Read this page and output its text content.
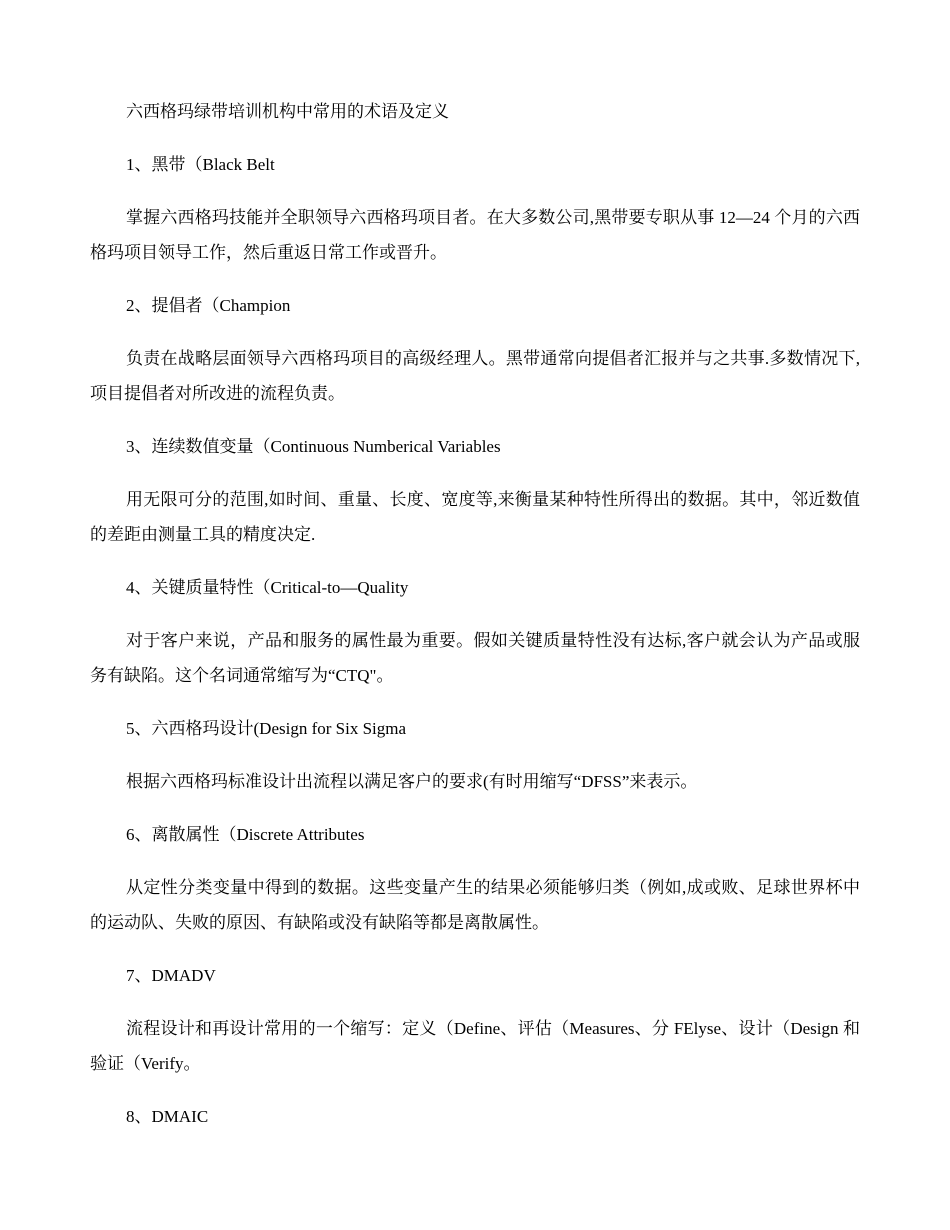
六西格玛绿带培训机构中常用的术语及定义

1、黑带（Black Belt

掌握六西格玛技能并全职领导六西格玛项目者。在大多数公司,黑带要专职从事 12—24 个月的六西格玛项目领导工作，然后重返日常工作或晋升。

2、提倡者（Champion

负责在战略层面领导六西格玛项目的高级经理人。黑带通常向提倡者汇报并与之共事.多数情况下,项目提倡者对所改进的流程负责。

3、连续数值变量（Continuous Numberical Variables

用无限可分的范围,如时间、重量、长度、宽度等,来衡量某种特性所得出的数据。其中，邻近数值的差距由测量工具的精度决定.

4、关键质量特性（Critical-to—Quality

对于客户来说，产品和服务的属性最为重要。假如关键质量特性没有达标,客户就会认为产品或服务有缺陷。这个名词通常缩写为“CTQ"。

5、六西格玛设计(Design for Six Sigma

根据六西格玛标准设计出流程以满足客户的要求(有时用缩写“DFSS”来表示。

6、离散属性（Discrete Attributes

从定性分类变量中得到的数据。这些变量产生的结果必须能够归类（例如,成或败、足球世界杯中的运动队、失败的原因、有缺陷或没有缺陷等都是离散属性。

7、DMADV

流程设计和再设计常用的一个缩写：定义（Define、评估（Measures、分 FElyse、设计（Design 和验证（Verify。

8、DMAIC
